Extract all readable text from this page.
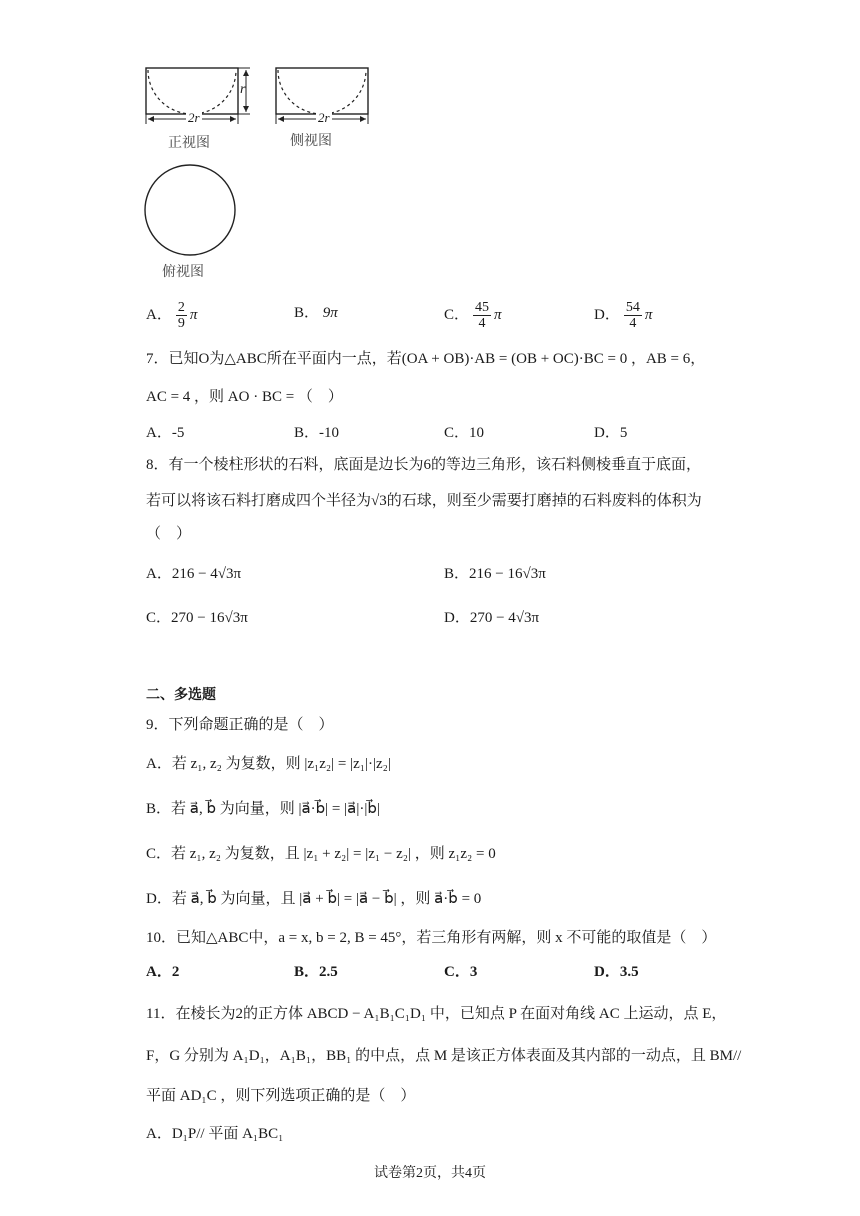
2r	2r
r
正视图	侧视图
俯视图
A． $\frac{2}{9}$ π	B． 9π	C． $\frac{45}{4}$ π	D． $\frac{54}{4}$ π
7．已知O为△ABC所在平面内一点，若(OA + OB)·AB = (OB + OC)·BC = 0 ，AB = 6，
AC = 4 ，则 AO · BC = （　）
A．-5	B．-10	C．10	D．5
8．有一个棱柱形状的石料，底面是边长为6的等边三角形，该石料侧棱垂直于底面，
若可以将该石料打磨成四个半径为√3的石球，则至少需要打磨掉的石料废料的体积为
（　）
A．216 − 4√3π	B．216 − 16√3π
C．270 − 16√3π	D．270 − 4√3π
二、多选题
9．下列命题正确的是（　）
A．若 z₁, z₂ 为复数，则 |z₁z₂| = |z₁|·|z₂|
B．若 a⃗, b⃗ 为向量，则 |a⃗·b⃗| = |a⃗|·|b⃗|
C．若 z₁, z₂ 为复数，且 |z₁ + z₂| = |z₁ − z₂| ，则 z₁z₂ = 0
D．若 a⃗, b⃗ 为向量，且 |a⃗ + b⃗| = |a⃗ − b⃗| ，则 a⃗·b⃗ = 0
10．已知△ABC中，a = x, b = 2, B = 45°，若三角形有两解，则 x 不可能的取值是（　）
A．2	B．2.5	C．3	D．3.5
11．在棱长为2的正方体 ABCD − A₁B₁C₁D₁ 中，已知点 P 在面对角线 AC 上运动，点 E，
F，G 分别为 A₁D₁，A₁B₁，BB₁ 的中点，点 M 是该正方体表面及其内部的一动点，且 BM//
平面 AD₁C ，则下列选项正确的是（　）
A．D₁P// 平面 A₁BC₁
试卷第2页，共4页
